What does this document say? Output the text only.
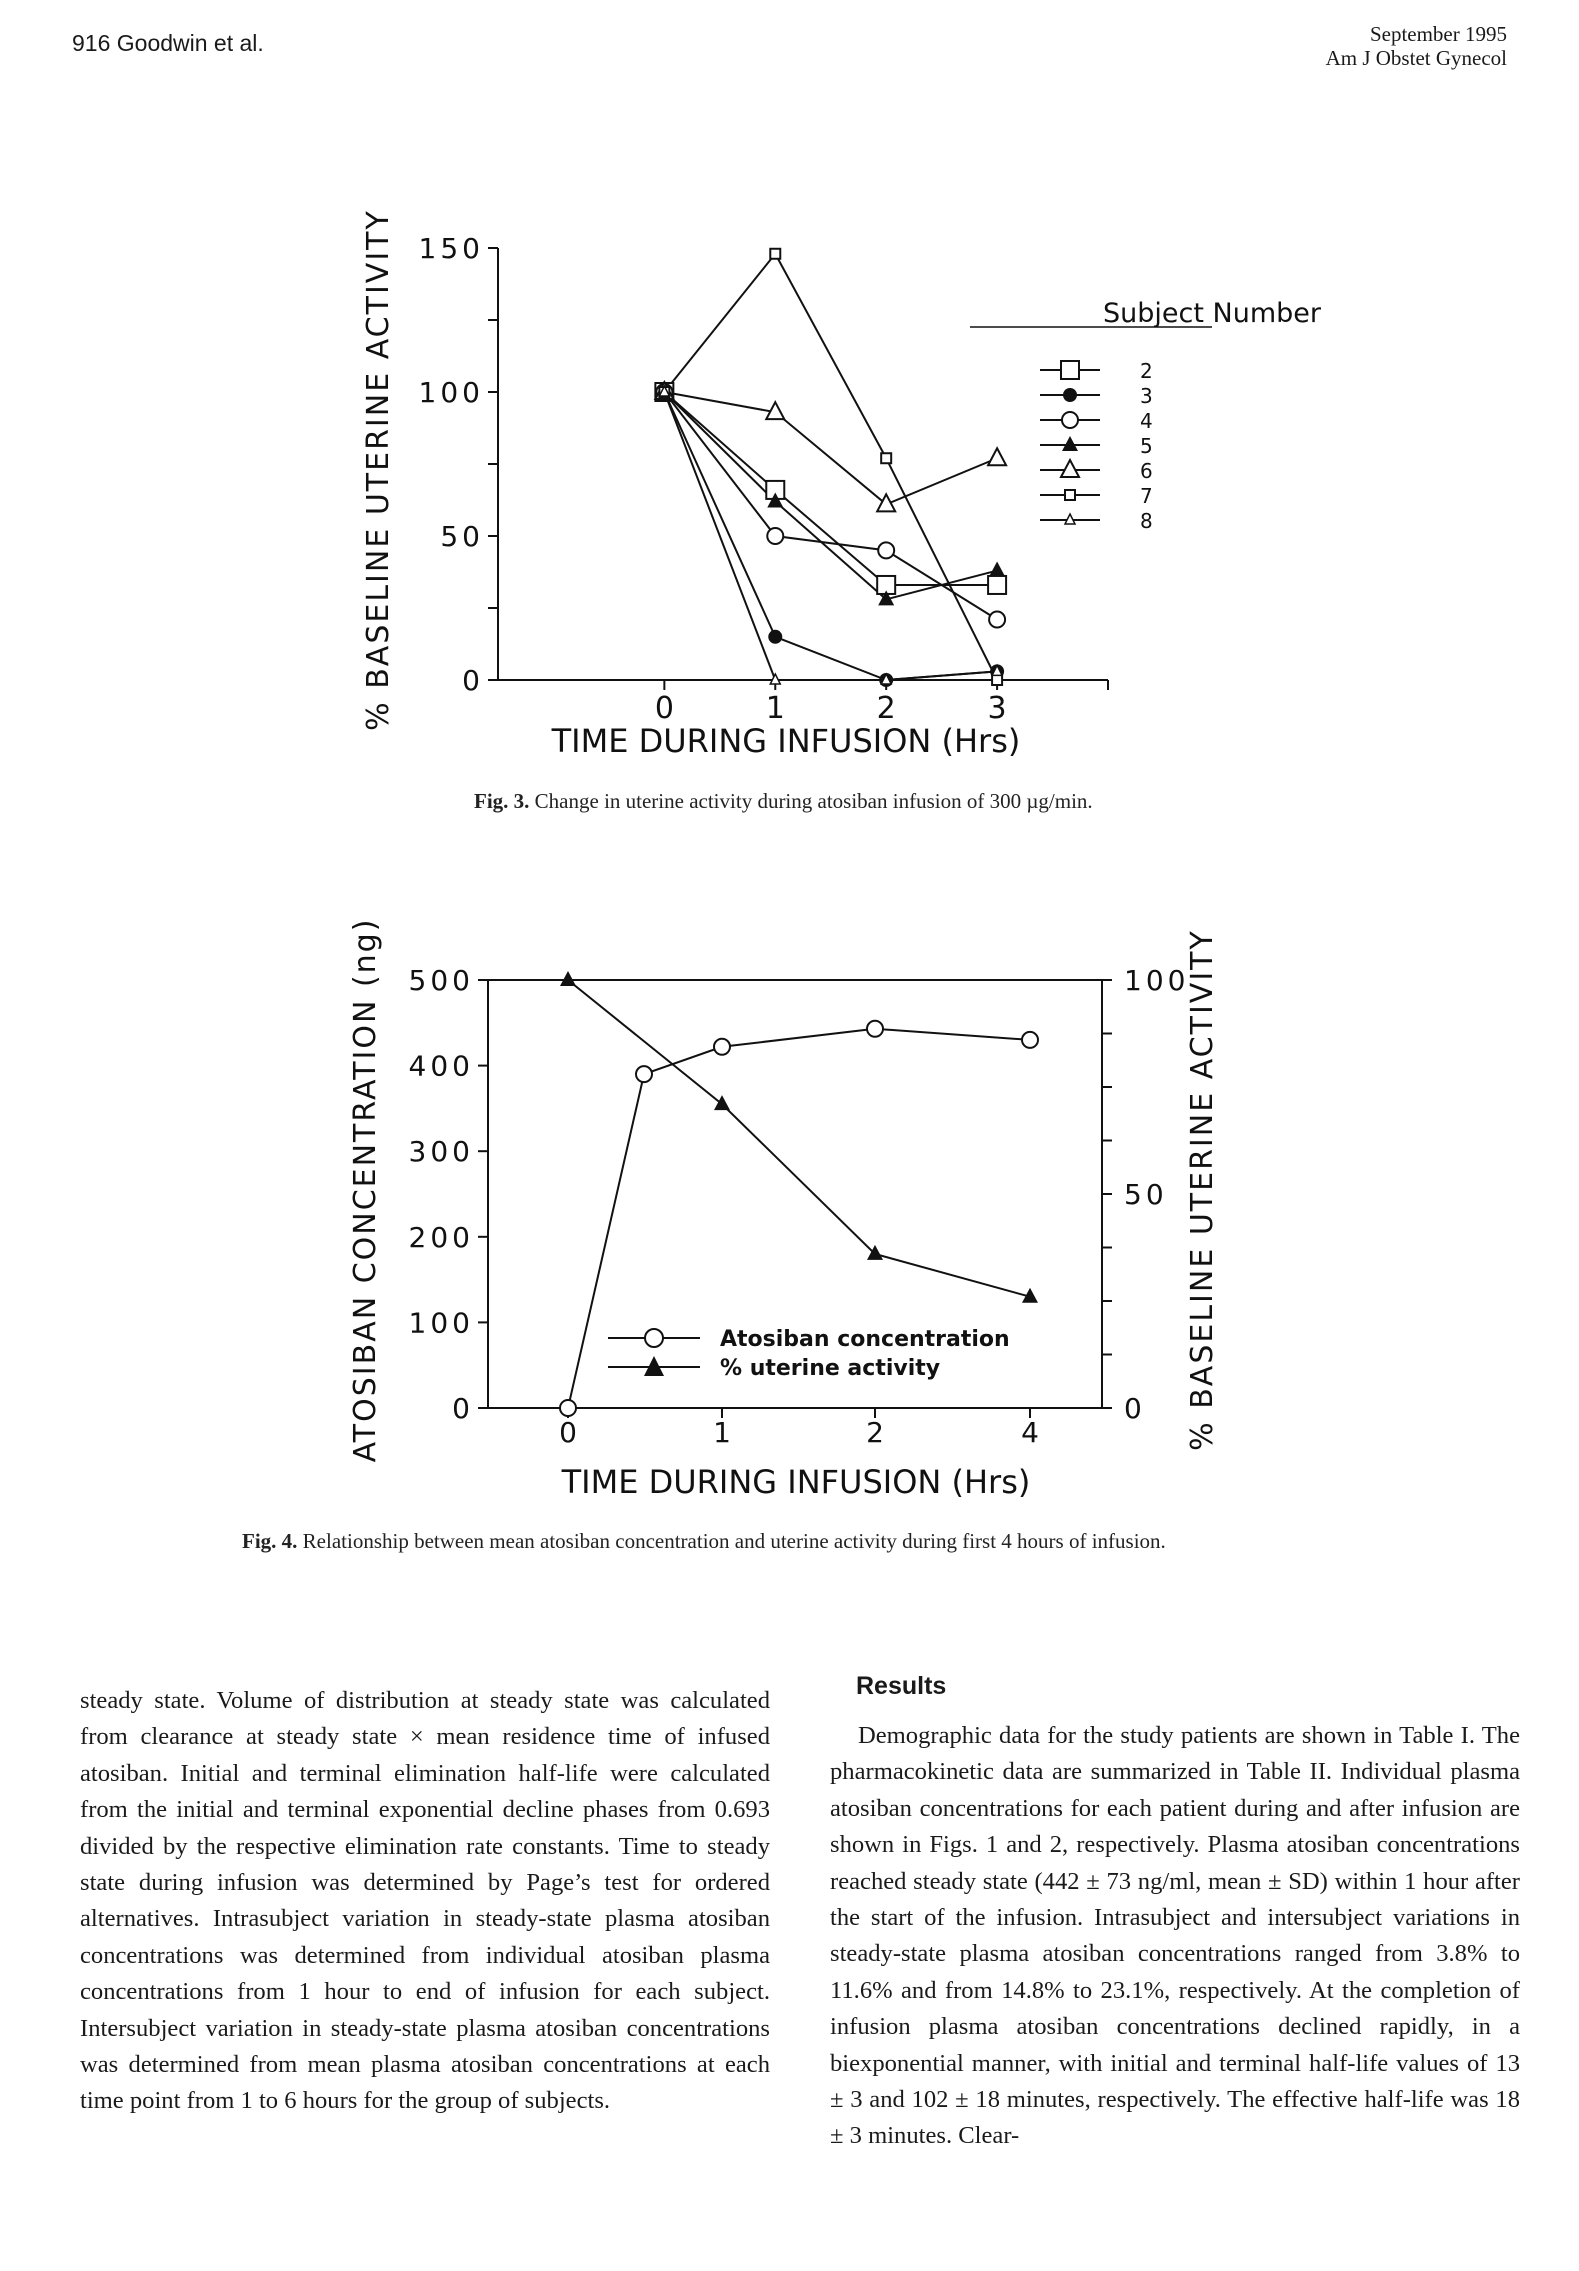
916 Goodwin et al.	September 1995
Am J Obstet Gynecol
% BASELINE UTERINE ACTIVITY 150
100
50
0
0	1	2	3
Subject Number
2
3
4
5
6
7
8
TIME DURING INFUSION (Hrs)
Fig. 3. Change in uterine activity during atosiban infusion of 300 µg/min.
ATOSIBAN CONCENTRATION (ng)	% BASELINE UTERINE ACTIVITY
500
400
300
200
100
0
100
50
0
0	1	2	4
Atosiban concentration
% uterine activity
TIME DURING INFUSION (Hrs)
Fig. 4. Relationship between mean atosiban concentration and uterine activity during first 4 hours of infusion.
steady state. Volume of distribution at steady state was calculated from clearance at steady state × mean residence time of infused atosiban. Initial and terminal elimination half-life were calculated from the initial and terminal exponential decline phases from 0.693 divided by the respective elimination rate constants. Time to steady state during infusion was determined by Page’s test for ordered alternatives. Intrasubject variation in steady-state plasma atosiban concentrations was determined from individual atosiban plasma concentrations from 1 hour to end of infusion for each subject. Intersubject variation in steady-state plasma atosiban concentrations was determined from mean plasma atosiban concentrations at each time point from 1 to 6 hours for the group of subjects.
Results
Demographic data for the study patients are shown in Table I. The pharmacokinetic data are summarized in Table II. Individual plasma atosiban concentrations for each patient during and after infusion are shown in Figs. 1 and 2, respectively. Plasma atosiban concentrations reached steady state (442 ± 73 ng/ml, mean ± SD) within 1 hour after the start of the infusion. Intrasubject and intersubject variations in steady-state plasma atosiban concentrations ranged from 3.8% to 11.6% and from 14.8% to 23.1%, respectively. At the completion of infusion plasma atosiban concentrations declined rapidly, in a biexponential manner, with initial and terminal half-life values of 13 ± 3 and 102 ± 18 minutes, respectively. The effective half-life was 18 ± 3 minutes. Clear-
